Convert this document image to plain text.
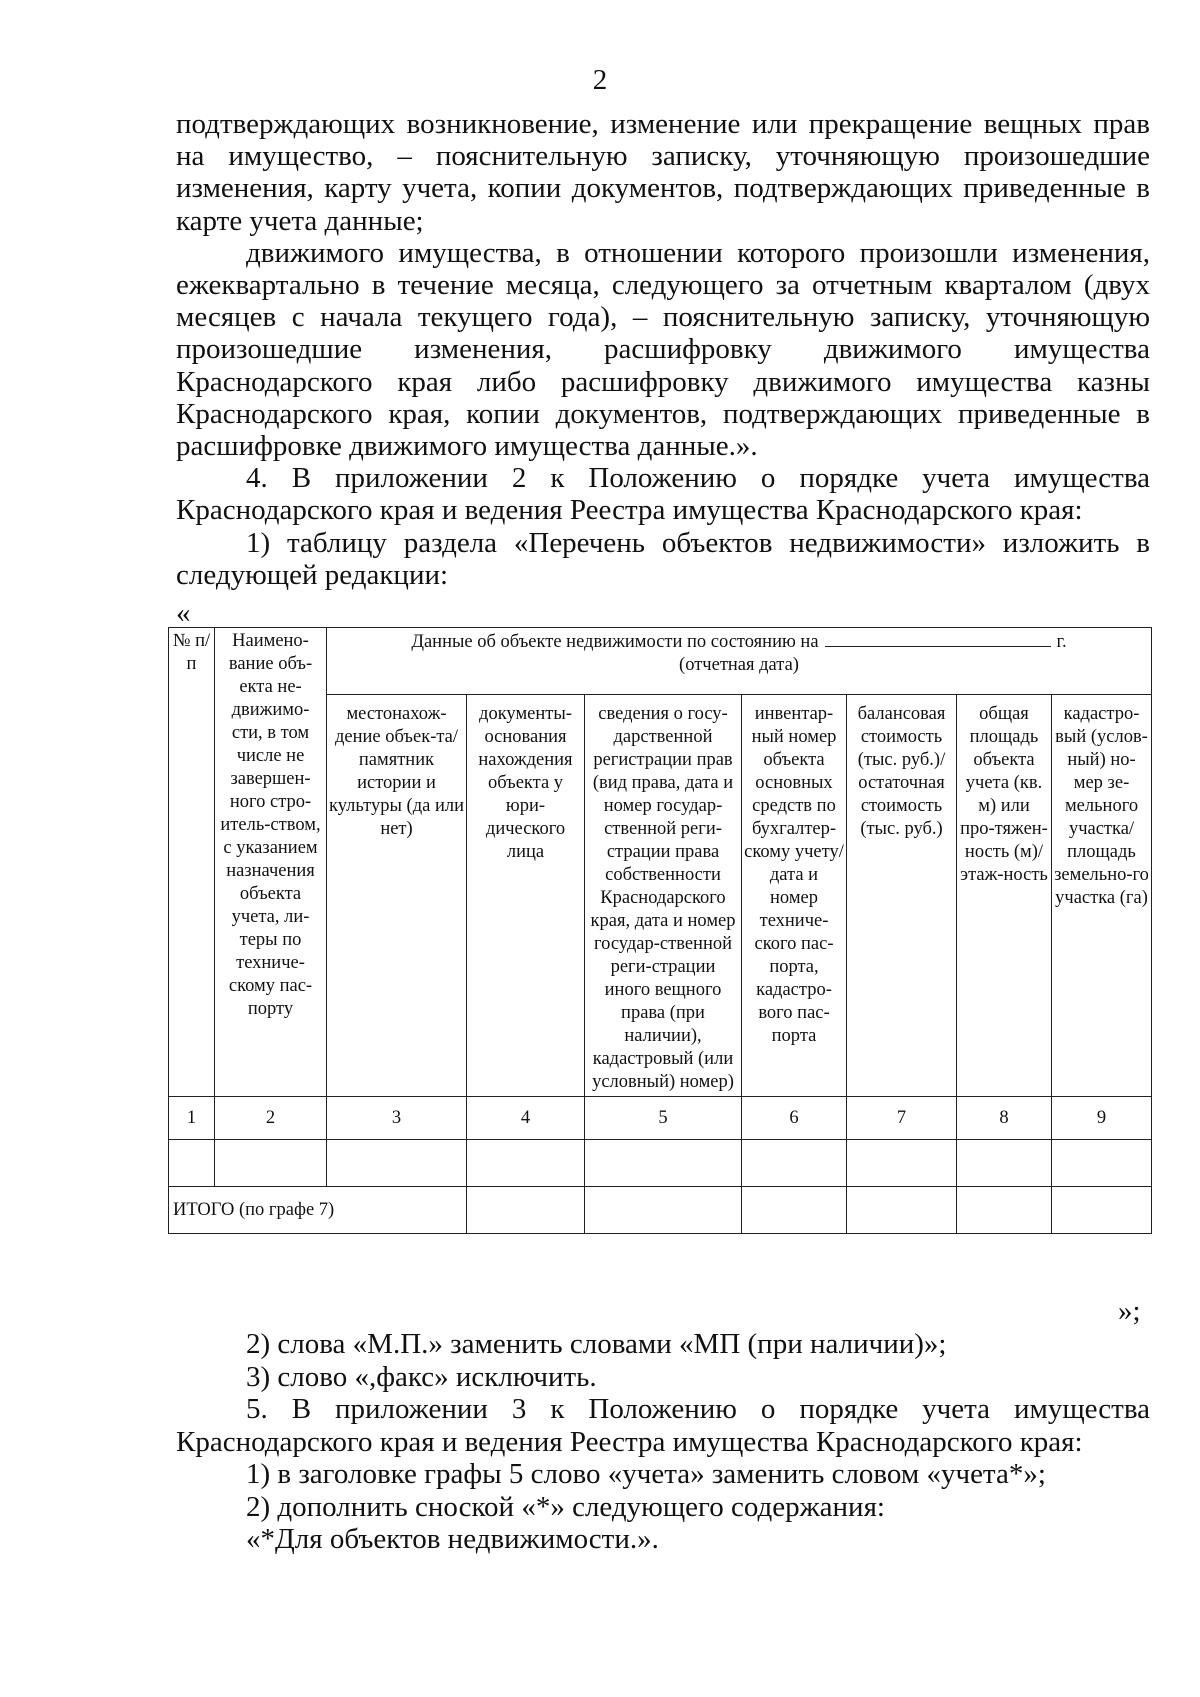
2

подтверждающих возникновение, изменение или прекращение вещных прав на имущество, – пояснительную записку, уточняющую произошедшие изменения, карту учета, копии документов, подтверждающих приведенные в карте учета данные;

движимого имущества, в отношении которого произошли изменения, ежеквартально в течение месяца, следующего за отчетным кварталом (двух месяцев с начала текущего года), – пояснительную записку, уточняющую произошедшие изменения, расшифровку движимого имущества Краснодарского края либо расшифровку движимого имущества казны Краснодарского края, копии документов, подтверждающих приведенные в расшифровке движимого имущества данные.».

4. В приложении 2 к Положению о порядке учета имущества Краснодарского края и ведения Реестра имущества Краснодарского края:

1) таблицу раздела «Перечень объектов недвижимости» изложить в следующей редакции:

«
№ п/п	Наимено-вание объ-екта не-движимо-сти, в том числе не завершен-ного стро-итель-ством, с указанием назначения объекта учета, ли-теры по техниче-скому пас-порту	Данные об объекте недвижимости по состоянию на г.
(отчетная дата)						
		местонахож-дение объек-та/памятник истории и культуры (да или нет)	документы-основания нахождения объекта у юри-дического лица	сведения о госу-дарственной регистрации прав (вид права, дата и номер государ-ственной реги-страции права собственности Краснодарского края, дата и номер государ-ственной реги-страции иного вещного права (при наличии), кадастровый (или условный) номер)	инвентар-ный номер объекта основных средств по бухгалтер-скому учету/дата и номер техниче-ского пас-порта, кадастро-вого пас-порта	балансовая стоимость (тыс. руб.)/ остаточная стоимость (тыс. руб.)	общая площадь объекта учета (кв. м) или про-тяжен-ность (м)/этаж-ность	кадастро-вый (услов-ный) но-мер зе-мельного участка/ площадь земельно-го участка (га)
1	2	3	4	5	6	7	8	9

ИТОГО (по графе 7)								
»;

2) слова «М.П.» заменить словами «МП (при наличии)»;

3) слово «,факс» исключить.

5. В приложении 3 к Положению о порядке учета имущества Краснодарского края и ведения Реестра имущества Краснодарского края:

1) в заголовке графы 5 слово «учета» заменить словом «учета*»;

2) дополнить сноской «*» следующего содержания:

«*Для объектов недвижимости.».
